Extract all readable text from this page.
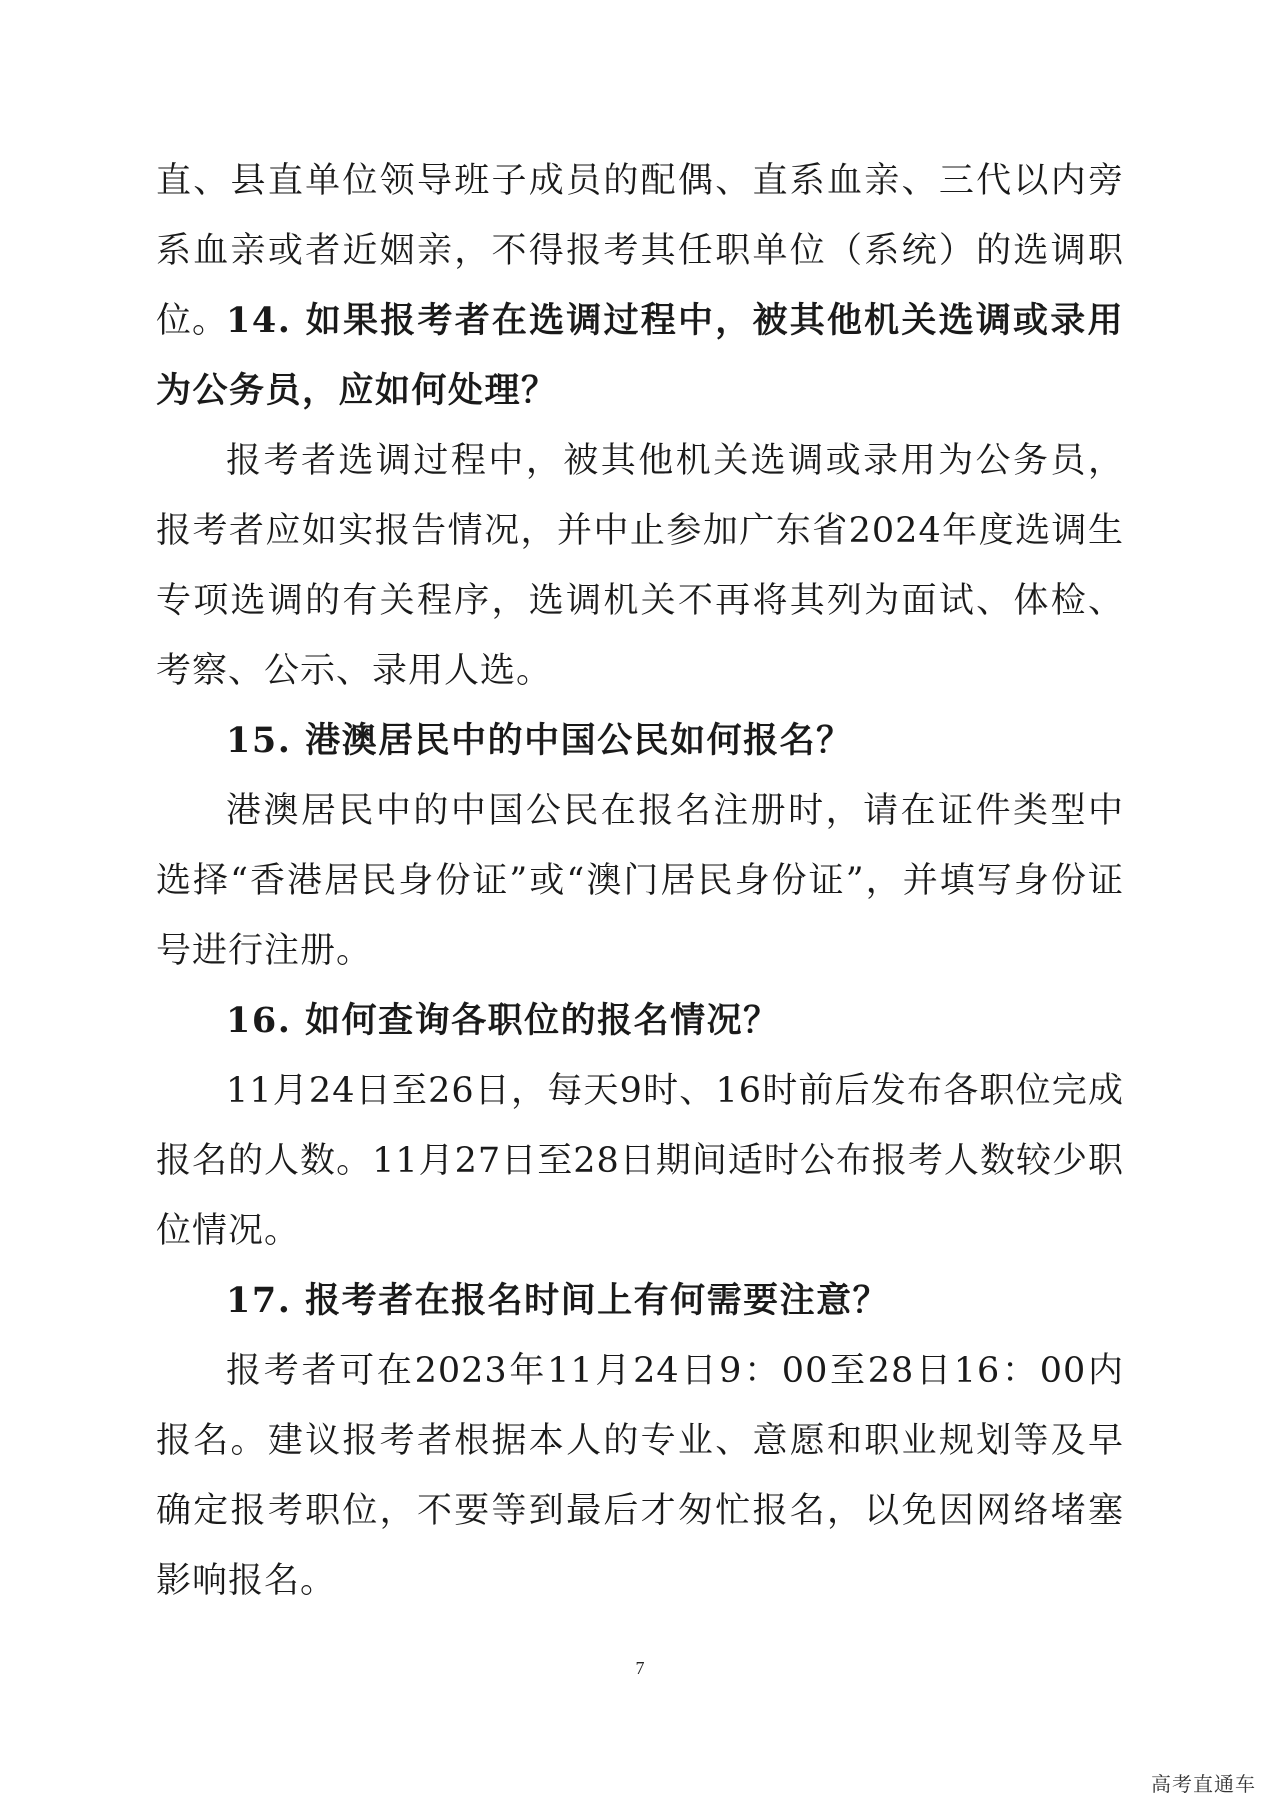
直、县直单位领导班子成员的配偶、直系血亲、三代以内旁系血亲或者近姻亲，不得报考其任职单位（系统）的选调职位。

14. 如果报考者在选调过程中，被其他机关选调或录用为公务员，应如何处理？

报考者选调过程中，被其他机关选调或录用为公务员，报考者应如实报告情况，并中止参加广东省2024年度选调生专项选调的有关程序，选调机关不再将其列为面试、体检、考察、公示、录用人选。

15. 港澳居民中的中国公民如何报名？

港澳居民中的中国公民在报名注册时，请在证件类型中选择“香港居民身份证”或“澳门居民身份证”，并填写身份证号进行注册。

16. 如何查询各职位的报名情况？

11月24日至26日，每天9时、16时前后发布各职位完成报名的人数。11月27日至28日期间适时公布报考人数较少职位情况。

17. 报考者在报名时间上有何需要注意？

报考者可在2023年11月24日9：00至28日16：00内报名。建议报考者根据本人的专业、意愿和职业规划等及早确定报考职位，不要等到最后才匆忙报名，以免因网络堵塞影响报名。

7
高考直通车
